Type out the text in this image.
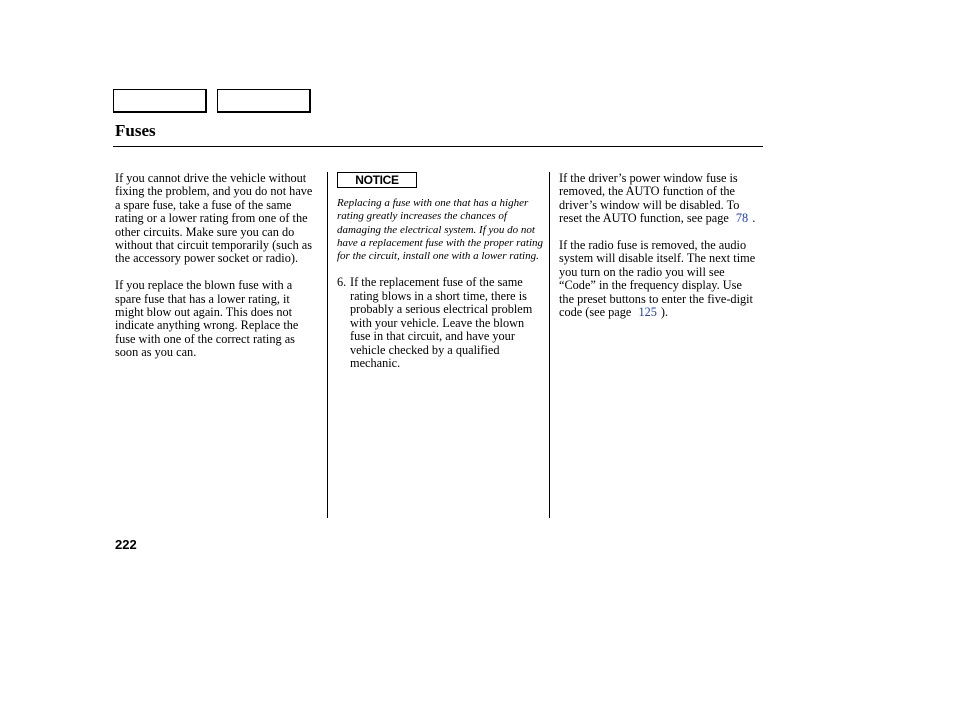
Fuses

If you cannot drive the vehicle without fixing the problem, and you do not have a spare fuse, take a fuse of the same rating or a lower rating from one of the other circuits. Make sure you can do without that circuit temporarily (such as the accessory power socket or radio).

If you replace the blown fuse with a spare fuse that has a lower rating, it might blow out again. This does not indicate anything wrong. Replace the fuse with one of the correct rating as soon as you can.

NOTICE

Replacing a fuse with one that has a higher rating greatly increases the chances of damaging the electrical system. If you do not have a replacement fuse with the proper rating for the circuit, install one with a lower rating.

6. If the replacement fuse of the same rating blows in a short time, there is probably a serious electrical problem with your vehicle. Leave the blown fuse in that circuit, and have your vehicle checked by a qualified mechanic.

If the driver’s power window fuse is removed, the AUTO function of the driver’s window will be disabled. To reset the AUTO function, see page 78 .

If the radio fuse is removed, the audio system will disable itself. The next time you turn on the radio you will see “Code” in the frequency display. Use the preset buttons to enter the five-digit code (see page 125 ).

222
